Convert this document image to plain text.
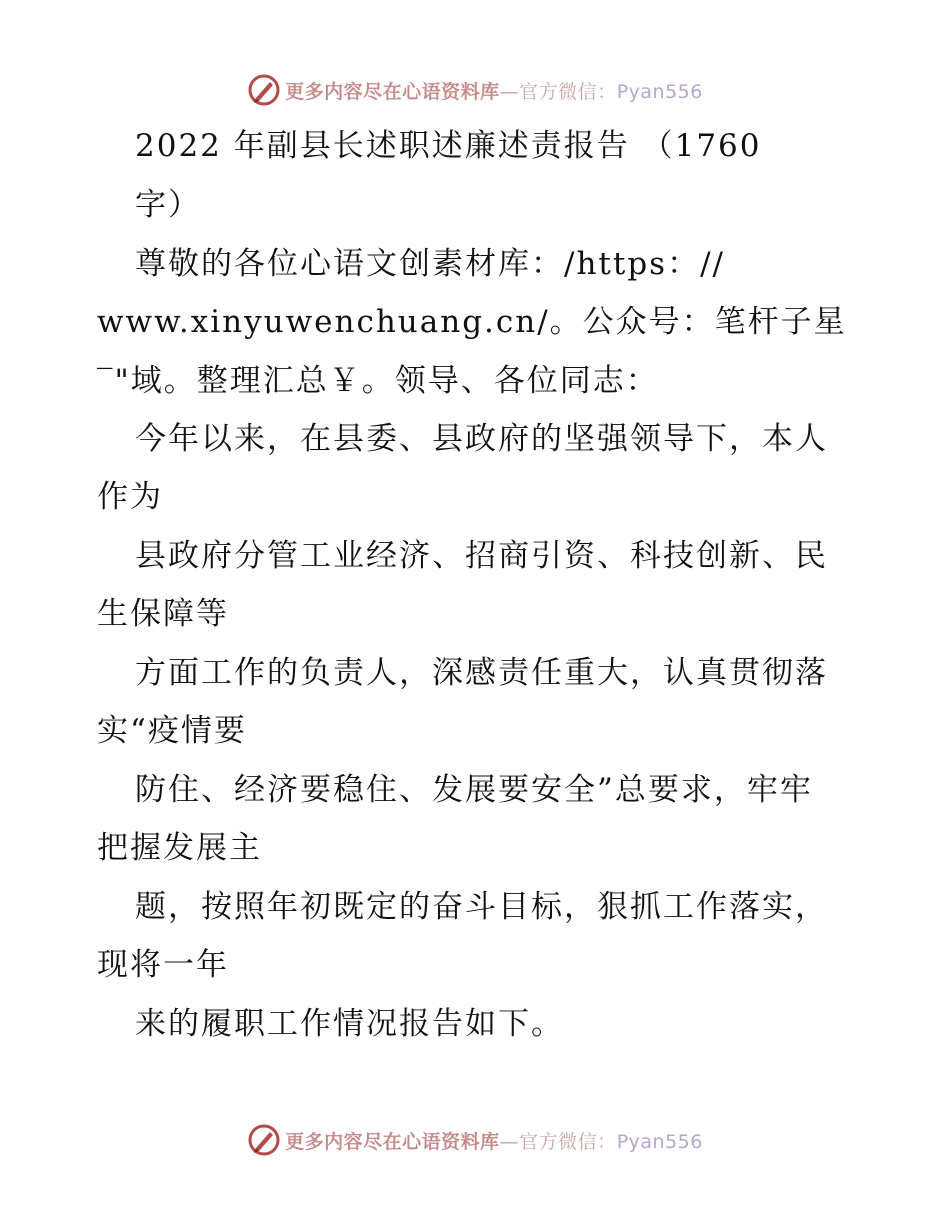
更多内容尽在心语资料库—官方微信：Pyan556
2022 年副县长述职述廉述责报告 （1760
字）
尊敬的各位心语文创素材库：/https：//
www.xinyuwenchuang.cn/。公众号：笔杆子星
‾"域。整理汇总￥。领导、各位同志：
今年以来，在县委、县政府的坚强领导下，本人
作为
县政府分管工业经济、招商引资、科技创新、民
生保障等
方面工作的负责人，深感责任重大，认真贯彻落
实“疫情要
防住、经济要稳住、发展要安全”总要求，牢牢
把握发展主
题，按照年初既定的奋斗目标，狠抓工作落实，
现将一年
来的履职工作情况报告如下。
更多内容尽在心语资料库—官方微信：Pyan556
